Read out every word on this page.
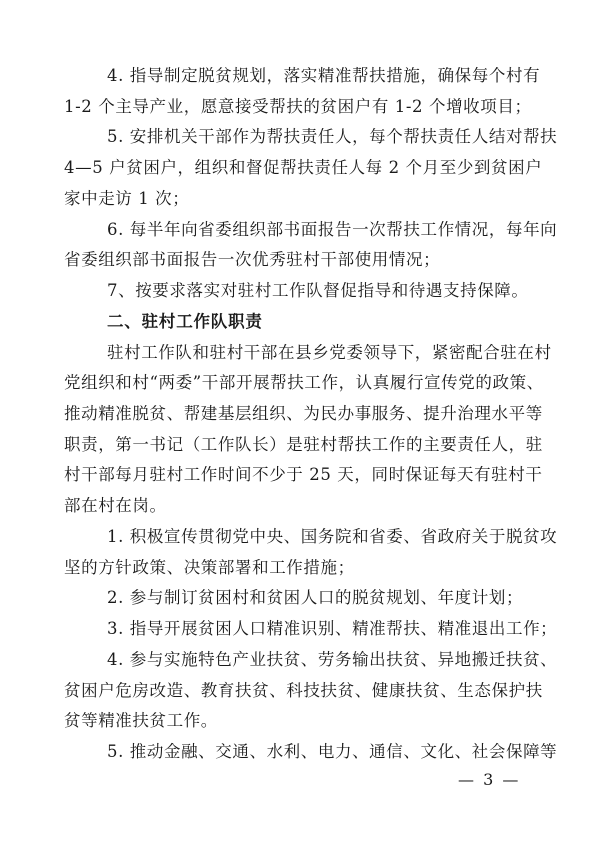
4. 指导制定脱贫规划，落实精准帮扶措施，确保每个村有
1-2 个主导产业，愿意接受帮扶的贫困户有 1-2 个增收项目；
5. 安排机关干部作为帮扶责任人，每个帮扶责任人结对帮扶
4—5 户贫困户，组织和督促帮扶责任人每 2 个月至少到贫困户
家中走访 1 次；
6. 每半年向省委组织部书面报告一次帮扶工作情况，每年向
省委组织部书面报告一次优秀驻村干部使用情况；
7、按要求落实对驻村工作队督促指导和待遇支持保障。
二、驻村工作队职责
驻村工作队和驻村干部在县乡党委领导下，紧密配合驻在村
党组织和村“两委”干部开展帮扶工作，认真履行宣传党的政策、
推动精准脱贫、帮建基层组织、为民办事服务、提升治理水平等
职责，第一书记（工作队长）是驻村帮扶工作的主要责任人，驻
村干部每月驻村工作时间不少于 25 天，同时保证每天有驻村干
部在村在岗。
1. 积极宣传贯彻党中央、国务院和省委、省政府关于脱贫攻
坚的方针政策、决策部署和工作措施；
2. 参与制订贫困村和贫困人口的脱贫规划、年度计划；
3. 指导开展贫困人口精准识别、精准帮扶、精准退出工作；
4. 参与实施特色产业扶贫、劳务输出扶贫、异地搬迁扶贫、
贫困户危房改造、教育扶贫、科技扶贫、健康扶贫、生态保护扶
贫等精准扶贫工作。
5. 推动金融、交通、水利、电力、通信、文化、社会保障等
— 3 —
